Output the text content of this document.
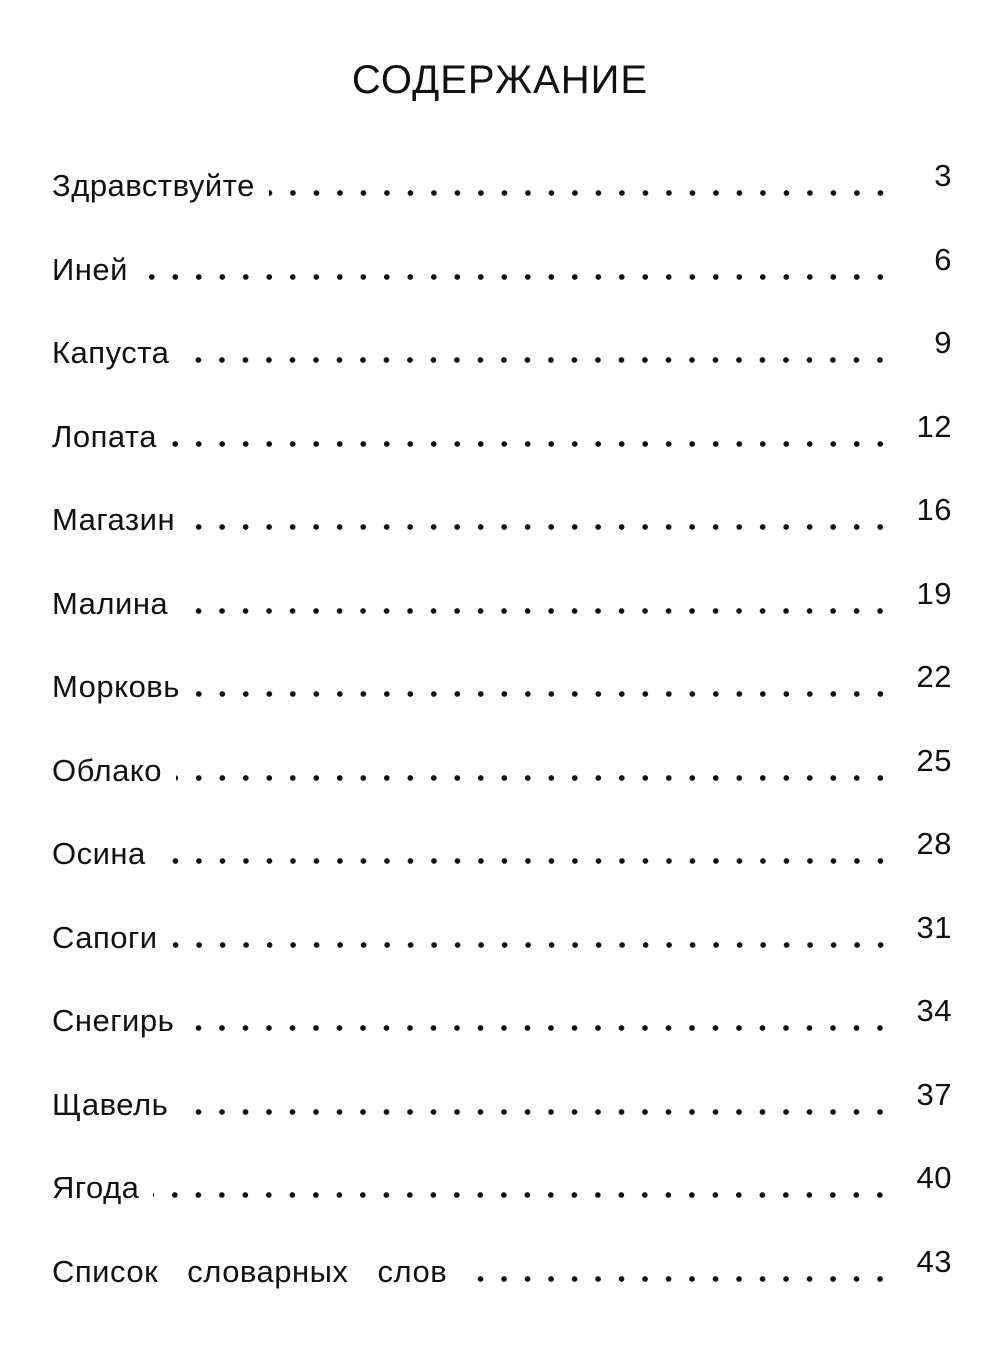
СОДЕРЖАНИЕ
Здравствуйте	3
Иней	6
Капуста	9
Лопата	12
Магазин	16
Малина	19
Морковь	22
Облако	25
Осина	28
Сапоги	31
Снегирь	34
Щавель	37
Ягода	40
Список словарных слов	43
